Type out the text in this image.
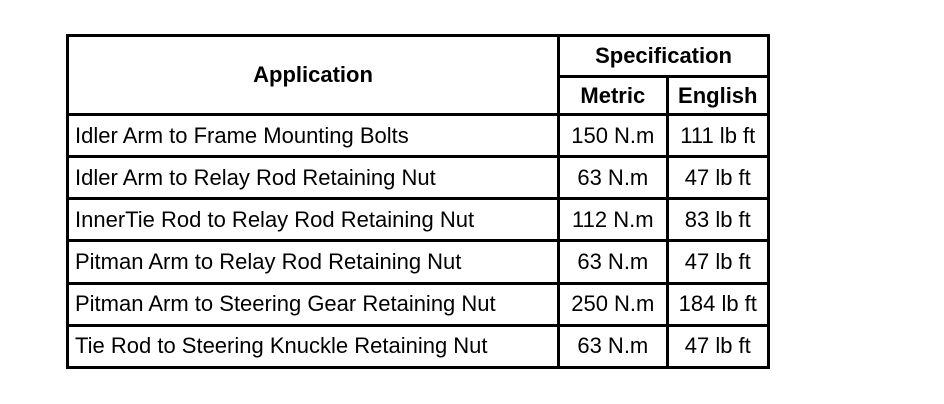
Application	Specification	
	Metric	English
Idler Arm to Frame Mounting Bolts	150 N.m	111 lb ft
Idler Arm to Relay Rod Retaining Nut	63 N.m	47 lb ft
InnerTie Rod to Relay Rod Retaining Nut	112 N.m	83 lb ft
Pitman Arm to Relay Rod Retaining Nut	63 N.m	47 lb ft
Pitman Arm to Steering Gear Retaining Nut	250 N.m	184 lb ft
Tie Rod to Steering Knuckle Retaining Nut	63 N.m	47 lb ft
